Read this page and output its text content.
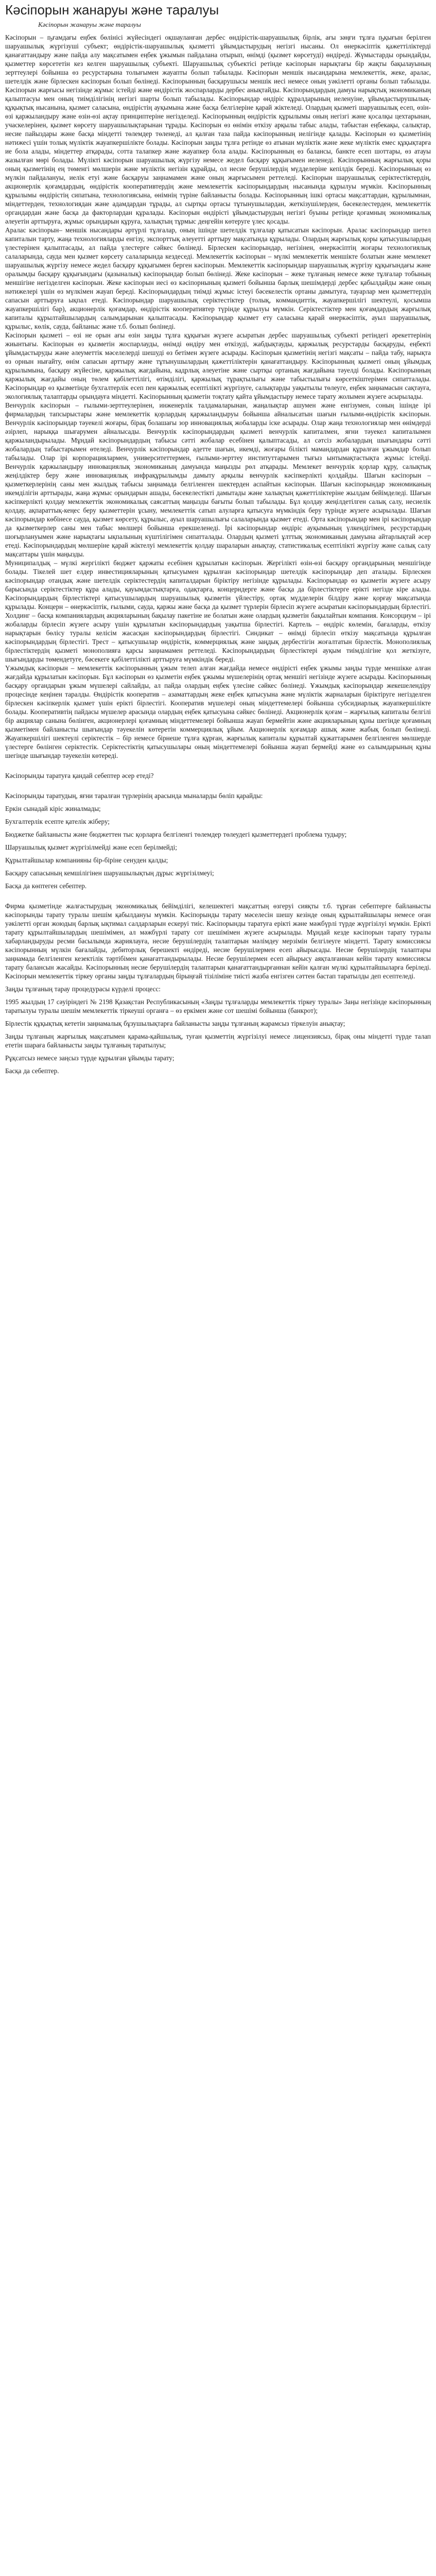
Кәсіпорын жанаруы және таралуы
Кәсіпорын жанаруы және таралуы

Кәсіпорын – ҧғамдағы еңбек бөлінісі жүйесіндегі оқшауланған дербес өндірістік-шаруашылық бірлік, ағы зәңғи тұлға ҧқығын берілген шаруашылық жүргізуші субъект; өндірістік-шаруашылық қызметті ұйымдастырудың негізгі нысаны. Ол өнеркәсіптік қажеттіліктерді қанағаттандыру және пайда алу мақсатымен еңбек ұжымын пайдалана отырып, өнімді (қызмет көрсетуді) өндіреді. Жүмыстарды орындайды, қызметтер көрсететін кез келген шаруашылық субъекті. Шаруашылық субъектісі ретінде кәсіпорын нарықтағы бір жақты бақылауының зерттеулері бойынша өз ресурстарына толығымен жауапты болып табылады. Кәсіпорын меншік нысандарына мемлекеттік, жеке, аралас, шетелдік және бірлескен кәсіпорын болып бөлінеді. Кәсіпорынның басқарушысы меншік иесі немесе оның уәкілетті органы болып табылады. Кәсіпорын жарғысы негізінде жұмыс істейді және өндірістік жоспарларды дербес анықтайды. Кәсіпорындардың дамуы нарықтық экономиканың қалыптасуы мен оның тиімділігінің негізгі шарты болып табылады. Кәсіпорындар өндіріс құралдарының иеленуіне, ұйымдастырушылық-құқықтық нысанына, қызмет саласына, өндірістің ауқымына және басқа белгілеріне қарай жіктеледі. Олардың қызметі шаруашылық есеп, өзін-өзі қаржыландыру және өзін-өзі ақтау принциптеріне негізделеді. Кәсіпорынның өндірістік құрылымы оның негізгі және қосалқы цехтарынан, учаскелерінен, қызмет көрсету шаруашылықтарынан тұрады. Кәсіпорын өз өнімін өткізу арқылы табыс алады, табыстан еңбекақы, салықтар, несие пайыздары және басқа міндетті төлемдер төленеді, ал қалған таза пайда кәсіпорынның иелігінде қалады. Кәсіпорын өз қызметінің нәтижесі үшін толық мүліктік жауапкершілікте болады. Кәсіпорын заңды тұлға ретінде өз атынан мүліктік және жеке мүліктік емес құқықтарға ие бола алады, міндеттер атқарады, сотта талапкер және жауапкер бола алады. Кәсіпорынның өз балансы, банкте есеп шоттары, өз атауы жазылған мөрі болады. Мүлікті кәсіпорын шаруашылық жүргізу немесе жедел басқару құқығымен иеленеді. Кәсіпорынның жарғылық қоры оның қызметінің ең төменгі мөлшерін және мүліктік негізін құрайды, ол несие берушілердің мүдделеріне кепілдік береді. Кәсіпорынның өз мүлкін пайдалануы, иелік етуі және басқаруы заңнамамен және оның жарғысымен реттеледі. Кәсіпорын шаруашылық серіктестіктердің, акционерлік қоғамдардың, өндірістік кооперативтердің және мемлекеттік кәсіпорындардың нысанында құрылуы мүмкін. Кәсіпорынның құрылымы өндірістің сипатына, технологиясына, өнімнің түріне байланысты болады. Кәсіпорынның ішкі ортасы мақсаттардан, құрылымнан, міндеттерден, технологиядан және адамдардан тұрады, ал сыртқы ортасы тұтынушылардан, жеткізушілерден, бәсекелестерден, мемлекеттік органдардан және басқа да факторлардан құралады. Кәсіпорын өндірісті ұйымдастырудың негізгі буыны ретінде қоғамның экономикалық әлеуетін арттыруға, жұмыс орындарын құруға, халықтың тұрмыс деңгейін көтеруге үлес қосады.

Аралас кәсіпорын– меншік нысандары әртүрлі тұлғалар, оның ішінде шетелдік тұлғалар қатысатын кәсіпорын. Аралас кәсіпорындар шетел капиталын тарту, жаңа технологияларды енгізу, экспорттық әлеуетті арттыру мақсатында құрылады. Олардың жарғылық қоры қатысушылардың үлестерінен қалыптасады, ал пайда үлестерге сәйкес бөлінеді. Бірлескен кәсіпорындар, негізінен, өнеркәсіптің жоғары технологиялық салаларында, сауда мен қызмет көрсету салаларында кездеседі. Мемлекеттік кәсіпорын – мүлкі мемлекеттік меншікте болатын және мемлекет шаруашылық жүргізу немесе жедел басқару құқығымен берген кәсіпорын. Мемлекеттік кәсіпорындар шаруашылық жүргізу құқығындағы және оралымды басқару құқығындағы (қазыналық) кәсіпорындар болып бөлінеді. Жеке кәсіпорын – жеке тұлғаның немесе жеке тұлғалар тобының меншігіне негізделген кәсіпорын. Жеке кәсіпорын иесі өз кәсіпорнының қызметі бойынша барлық шешімдерді дербес қабылдайды және оның нәтижелері үшін өз мүлкімен жауап береді. Кәсіпорындардың тиімді жұмыс істеуі бәсекелестік ортаны дамытуға, тауарлар мен қызметтердің сапасын арттыруға ықпал етеді. Кәсіпорындар шаруашылық серіктестіктер (толық, коммандиттік, жауапкершілігі шектеулі, қосымша жауапкершілігі бар), акционерлік қоғамдар, өндірістік кооперативтер түрінде құрылуы мүмкін. Серіктестіктер мен қоғамдардың жарғылық капиталы құрылтайшылардың салымдарынан қалыптасады. Кәсіпорындар қызмет ету саласына қарай өнеркәсіптік, ауыл шаруашылық, құрылыс, көлік, сауда, байланыс және т.б. болып бөлінеді.

Кәсіпорын қызметі – өзі не орын ағы өзін заңды тұлға құқығын жүзеге асыратын дербес шаруашылық субъекті ретіндегі әрекеттерінің жиынтығы. Кәсіпорын өз қызметін жоспарлауды, өнімді өндіру мен өткізуді, жабдықтауды, қаржылық ресурстарды басқаруды, еңбекті ұйымдастыруды және әлеуметтік мәселелерді шешуді өз бетімен жүзеге асырады. Кәсіпорын қызметінің негізгі мақсаты – пайда табу, нарықта өз орнын нығайту, өнім сапасын арттыру және тұтынушылардың қажеттіліктерін қанағаттандыру. Кәсіпорынның қызметі оның ұйымдық құрылымына, басқару жүйесіне, қаржылық жағдайына, кадрлық әлеуетіне және сыртқы ортаның жағдайына тәуелді болады. Кәсіпорынның қаржылық жағдайы оның төлем қабілеттілігі, өтімділігі, қаржылық тұрақтылығы және табыстылығы көрсеткіштерімен сипатталады. Кәсіпорындар өз қызметінде бухгалтерлік есеп пен қаржылық есептілікті жүргізуге, салықтарды уақытылы төлеуге, еңбек заңнамасын сақтауға, экологиялық талаптарды орындауға міндетті. Кәсіпорынның қызметін тоқтату қайта ұйымдастыру немесе тарату жолымен жүзеге асырылады.

Венчурлік кәсіпорын – ғылыми-зерттеулерінен, инженерлік талдамаларынан, жаңалықтар ашумен және енгізумен, соның ішінде ірі фирмалардың тапсырыстары және мемлекеттік қорлардың қаржыландыруы бойынша айналысатын шағын ғылыми-өндірістік кәсіпорын. Венчурлік кәсіпорындар тәуекелі жоғары, бірақ болашағы зор инновациялық жобаларды іске асырады. Олар жаңа технологиялар мен өнімдерді әзірлеп, нарыққа шығарумен айналысады. Венчурлік кәсіпорындардың қызметі венчурлік капиталмен, яғни тәуекел капиталымен қаржыландырылады. Мұндай кәсіпорындардың табысы сәтті жобалар есебінен қалыптасады, ал сәтсіз жобалардың шығындары сәтті жобалардың табыстарымен өтеледі. Венчурлік кәсіпорындар әдетте шағын, икемді, жоғары білікті мамандардан құралған ұжымдар болып табылады. Олар ірі корпорациялармен, университеттермен, ғылыми-зерттеу институттарымен тығыз ынтымақтастықта жұмыс істейді. Венчурлік қаржыландыру инновациялық экономиканың дамуында маңызды рөл атқарады. Мемлекет венчурлік қорлар құру, салықтық жеңілдіктер беру және инновациялық инфрақұрылымды дамыту арқылы венчурлік кәсіпкерлікті қолдайды. Шағын кәсіпорын – қызметкерлерінің саны мен жылдық табысы заңнамада белгіленген шектерден аспайтын кәсіпорын. Шағын кәсіпорындар экономиканың икемділігін арттырады, жаңа жұмыс орындарын ашады, бәсекелестікті дамытады және халықтың қажеттіліктеріне жылдам бейімделеді. Шағын кәсіпкерлікті қолдау мемлекеттік экономикалық саясаттың маңызды бағыты болып табылады. Бұл қолдау жеңілдетілген салық салу, несиелік қолдау, ақпараттық-кеңес беру қызметтерін ұсыну, мемлекеттік сатып алуларға қатысуға мүмкіндік беру түрінде жүзеге асырылады. Шағын кәсіпорындар көбінесе сауда, қызмет көрсету, құрылыс, ауыл шаруашылығы салаларында қызмет етеді. Орта кәсіпорындар мен ірі кәсіпорындар да қызметкерлер саны мен табыс мөлшері бойынша ерекшеленеді. Ірі кәсіпорындар өндіріс ауқымының үлкендігімен, ресурстардың шоғырлануымен және нарықтағы ықпалының күштілігімен сипатталады. Олардың қызметі ұлттық экономиканың дамуына айтарлықтай әсер етеді. Кәсіпорындардың мөлшеріне қарай жіктелуі мемлекеттік қолдау шараларын анықтау, статистикалық есептілікті жүргізу және салық салу мақсаттары үшін маңызды.

Муниципалдық – мүлкі жергілікті бюджет қаржаты есебінен құрылатын кәсіпорын. Жергілікті өзін-өзі басқару органдарының меншігінде болады. Тікелей шет елдер инвестицияларының қатысуымен құрылған кәсіпорындар шетелдік кәсіпорындар деп аталады. Бірлескен кәсіпорындар отандық және шетелдік серіктестердің капиталдарын біріктіру негізінде құрылады. Кәсіпорындар өз қызметін жүзеге асыру барысында серіктестіктер құра алады, қауымдастықтарға, одақтарға, концерндерге және басқа да бірлестіктерге ерікті негізде кіре алады. Кәсіпорындардың бірлестіктері қатысушылардың шаруашылық қызметін үйлестіру, ортақ мүдделерін білдіру және қорғау мақсатында құрылады. Концерн – өнеркәсіптік, ғылыми, сауда, қаржы және басқа да қызмет түрлерін бірлесіп жүзеге асыратын кәсіпорындардың бірлестігі. Холдинг – басқа компаниялардың акцияларының бақылау пакетіне ие болатын және олардың қызметін бақылайтын компания. Консорциум – ірі жобаларды бірлесіп жүзеге асыру үшін құрылатын кәсіпорындардың уақытша бірлестігі. Картель – өндіріс көлемін, бағаларды, өткізу нарықтарын бөлісу туралы келісім жасасқан кәсіпорындардың бірлестігі. Синдикат – өнімді бірлесіп өткізу мақсатында құрылған кәсіпорындардың бірлестігі. Трест – қатысушылар өндірістік, коммерциялық және заңдық дербестігін жоғалтатын бірлестік. Монополиялық бірлестіктердің қызметі монополияға қарсы заңнамамен реттеледі. Кәсіпорындардың бірлестіктері ауқым тиімділігіне қол жеткізуге, шығындарды төмендетуге, бәсекеге қабілеттілікті арттыруға мүмкіндік береді.

Үжымдық кәсіпорын – мемлекеттік кәсіпорынның ұжым телеп алған жағдайда немесе өндірісті еңбек ұжымы заңды түрде меншікке алған жағдайда құрылатын кәсіпорын. Бұл кәсіпорын өз қызметін еңбек ұжымы мүшелерінің ортақ меншігі негізінде жүзеге асырады. Кәсіпорынның басқару органдарын ұжым мүшелері сайлайды, ал пайда олардың еңбек үлесіне сәйкес бөлінеді. Ұжымдық кәсіпорындар жекешелендіру процесінде кеңінен таралды. Өндірістік кооператив – азаматтардың жеке еңбек қатысуына және мүліктік жарналарын біріктіруге негізделген бірлескен кәсіпкерлік қызмет үшін ерікті бірлестігі. Кооператив мүшелері оның міндеттемелері бойынша субсидиарлық жауапкершілікте болады. Кооперативтің пайдасы мүшелер арасында олардың еңбек қатысуына сәйкес бөлінеді. Акционерлік қоғам – жарғылық капиталы белгілі бір акциялар санына бөлінген, акционерлері қоғамның міндеттемелері бойынша жауап бермейтін және акцияларының құны шегінде қоғамның қызметімен байланысты шығындар тәуекелін көтеретін коммерциялық ұйым. Акционерлік қоғамдар ашық және жабық болып бөлінеді. Жауапкершілігі шектеулі серіктестік – бір немесе бірнеше тұлға құрған, жарғылық капиталы құрылтай құжаттарымен белгіленген мөлшерде үлестерге бөлінген серіктестік. Серіктестіктің қатысушылары оның міндеттемелері бойынша жауап бермейді және өз салымдарының құны шегінде шығындар тәуекелін көтереді.

Кәсіпорынды таратуға қандай себептер әсер етеді?

Кәсіпорынды таратудың, яғни таралған түрлерінің арасында мыналарды бөліп қарайды:

Еркін сынадай кіріс жиналмады;

Бухгалтерлік есепте қателік жіберу;

Бюджетке байланысты және бюджеттен тыс қорларға белгіленгі төлемдер төлеудегі қызметтердегі проблема тудыру;

Шаруашылық қызмет жүргізілмейді және есеп берілмейді;

Құрылтайшылар компанияны бір-біріне сенуден қалды;

Басқару сапасының кемшілігінен шаруашылықтың дұрыс жүргізілмеуі;

Басқа да көптеген себептер.

Фирма қызметінде жалғастырудың экономикалық бейімділігі, келешектегі мақсаттың өзгеруі сияқты т.б. тұрған себептерге байланысты кәсіпорынды тарату туралы шешім қабылдануы мүмкін. Кәсіпорынды тарату мәселесін шешу кезінде оның құрылтайшылары немесе оған уәкілетті орган жоюдың барлық ықтимал салдарларын ескеруі тиіс. Кәсіпорынды таратуға ерікті және мәжбүрлі түрде жүргізілуі мүмкін. Ерікті тарату құрылтайшылардың шешімімен, ал мәжбүрлі тарату сот шешімімен жүзеге асырылады. Мұндай кезде кәсіпорын тарату туралы хабарландыруды ресми басылымда жариялауға, несие берушілердің талаптарын мәлімдеу мерзімін белгілеуге міндетті. Тарату комиссиясы кәсіпорынның мүлкін бағалайды, дебиторлық берешекті өндіреді, несие берушілермен есеп айырысады. Несие берушілердің талаптары заңнамада белгіленген кезектілік тәртібімен қанағаттандырылады. Несие берушілермен есеп айырысу аяқталғаннан кейін тарату комиссиясы тарату балансын жасайды. Кәсіпорынның несие берушілердің талаптарын қанағаттандырғаннан кейін қалған мүлкі құрылтайшыларға беріледі. Кәсіпорын мемлекеттік тіркеу органы заңды тұлғалардың бірыңғай тізіліміне тиісті жазба енгізген сәттен бастап таратылды деп есептеледі.

Заңды тұлғаның тарау процедурасы күрделі процесс:

1995 жылдың 17 сәуіріндегі № 2198 Қазақстан Республикасының «Заңды тұлғаларды мемлекеттік тіркеу туралы» Заңы негізінде кәсіпорынның таратылуы туралы шешім мемлекеттік тіркеуші органға – өз еркімен және сот шешімі бойынша (банкрот);

Бірлестік құқықтық кететін заңнамалық бұзушылықтарға байланысты заңды тұлғаның жарамсыз тіркелуін анықтау;

Заңды тұлғаның жарғылық мақсатымен қарама-қайшылық, туған қызметтің жүргізілуі немесе лицензиясыз, бірақ оны міндетті түрде талап ететін шараға байланысты заңды тұлғаның таратылуы;

Рұқсатсыз немесе заңсыз түрде құрылған ұйымды тарату;

Басқа да себептер.
